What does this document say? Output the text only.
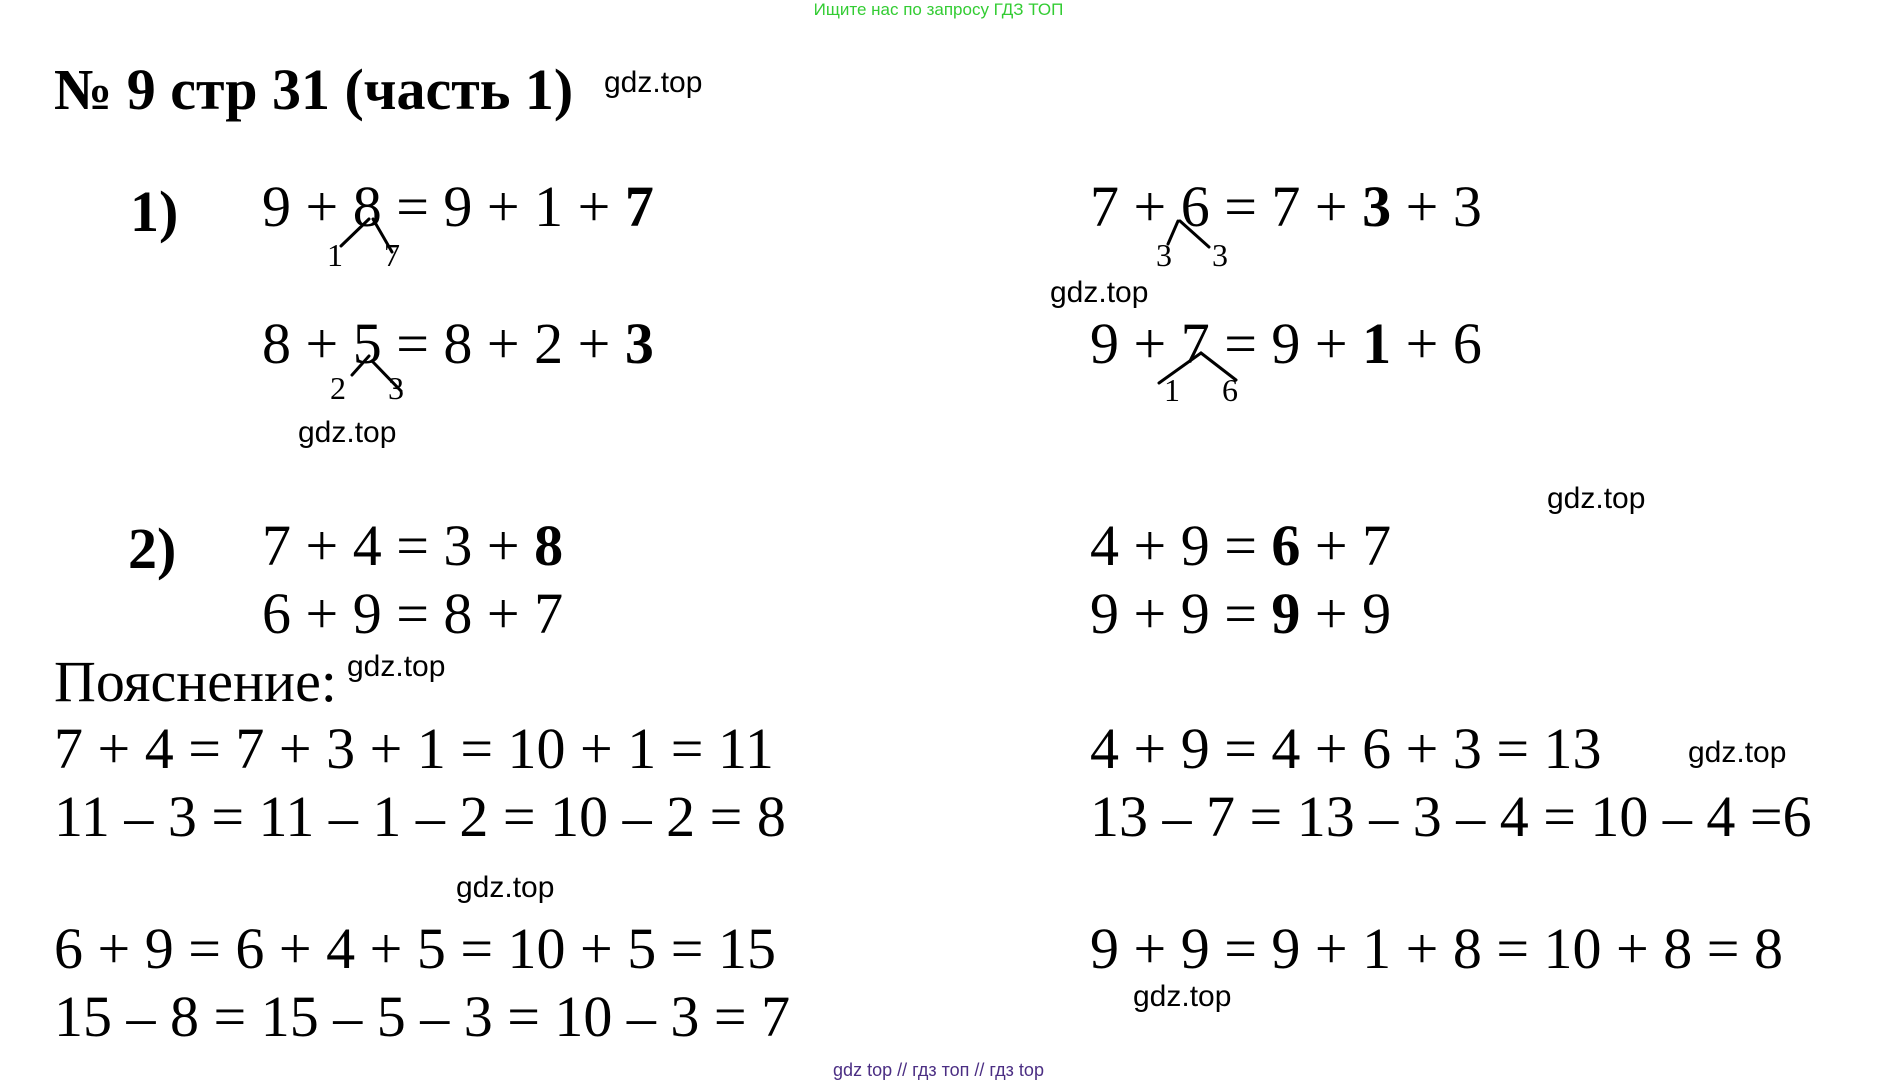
Ищите нас по запросу ГДЗ ТОП
№ 9 стр 31 (часть 1) gdz.top
1) 9 + 8 = 9 + 1 + 7
1 7
8 + 5 = 8 + 2 + 3
2 3
gdz.top
7 + 6 = 7 + 3 + 3
3 3
gdz.top
9 + 7 = 9 + 1 + 6
1 6
gdz.top
2) 7 + 4 = 3 + 8
6 + 9 = 8 + 7
4 + 9 = 6 + 7
9 + 9 = 9 + 9
Пояснение: gdz.top
7 + 4 = 7 + 3 + 1 = 10 + 1 = 11
11 – 3 = 11 – 1 – 2 = 10 – 2 = 8
gdz.top
6 + 9 = 6 + 4 + 5 = 10 + 5 = 15
15 – 8 = 15 – 5 – 3 = 10 – 3 = 7
4 + 9 = 4 + 6 + 3 = 13	gdz.top
13 – 7 = 13 – 3 – 4 = 10 – 4 =6
9 + 9 = 9 + 1 + 8 = 10 + 8 = 8
gdz.top
gdz top // гдз топ // гдз top
